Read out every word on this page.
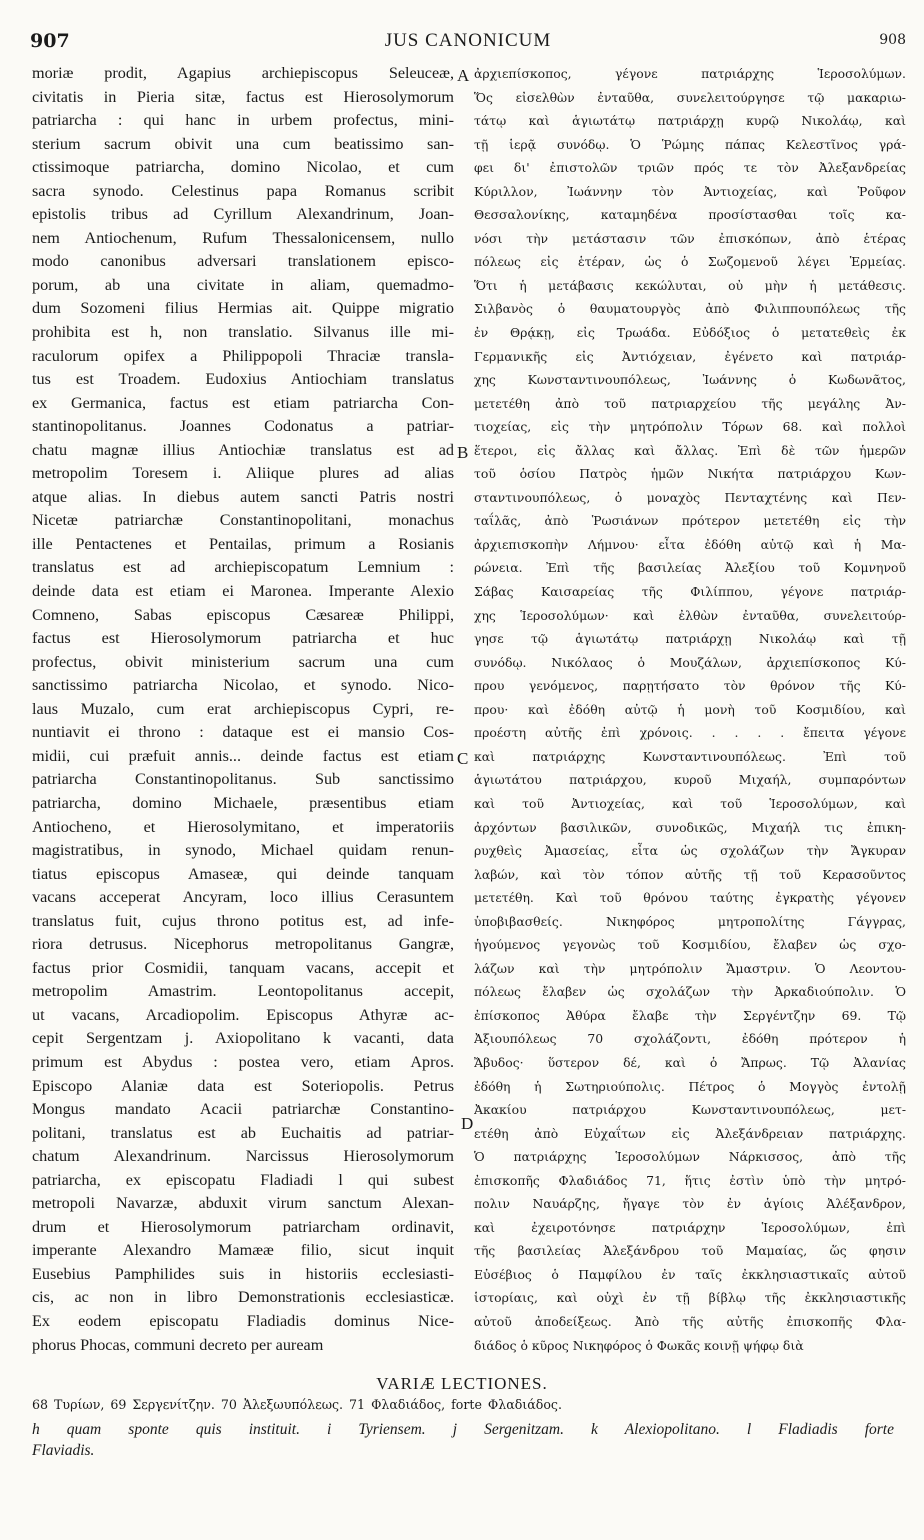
907	JUS CANONICUM	908
moriæ prodit, Agapius archiepiscopus Seleuceæ,
civitatis in Pieria sitæ, factus est Hierosolymorum
patriarcha : qui hanc in urbem profectus, mini-
sterium sacrum obivit una cum beatissimo san-
ctissimoque patriarcha, domino Nicolao, et cum
sacra synodo. Celestinus papa Romanus scribit
epistolis tribus ad Cyrillum Alexandrinum, Joan-
nem Antiochenum, Rufum Thessalonicensem, nullo
modo canonibus adversari translationem episco-
porum, ab una civitate in aliam, quemadmo-
dum Sozomeni filius Hermias ait. Quippe migratio
prohibita est h, non translatio. Silvanus ille mi-
raculorum opifex a Philippopoli Thraciæ transla-
tus est Troadem. Eudoxius Antiochiam translatus
ex Germanica, factus est etiam patriarcha Con-
stantinopolitanus. Joannes Codonatus a patriar-
chatu magnæ illius Antiochiæ translatus est ad
metropolim Toresem i. Aliique plures ad alias
atque alias. In diebus autem sancti Patris nostri
Nicetæ patriarchæ Constantinopolitani, monachus
ille Pentactenes et Pentailas, primum a Rosianis
translatus est ad archiepiscopatum Lemnium :
deinde data est etiam ei Maronea. Imperante Alexio
Comneno, Sabas episcopus Cæsareæ Philippi,
factus est Hierosolymorum patriarcha et huc
profectus, obivit ministerium sacrum una cum
sanctissimo patriarcha Nicolao, et synodo. Nico-
laus Muzalo, cum erat archiepiscopus Cypri, re-
nuntiavit ei throno : dataque est ei mansio Cos-
midii, cui præfuit annis... deinde factus est etiam
patriarcha Constantinopolitanus. Sub sanctissimo
patriarcha, domino Michaele, præsentibus etiam
Antiocheno, et Hierosolymitano, et imperatoriis
magistratibus, in synodo, Michael quidam renun-
tiatus episcopus Amaseæ, qui deinde tanquam
vacans acceperat Ancyram, loco illius Cerasuntem
translatus fuit, cujus throno potitus est, ad infe-
riora detrusus. Nicephorus metropolitanus Gangræ,
factus prior Cosmidii, tanquam vacans, accepit et
metropolim Amastrim. Leontopolitanus accepit,
ut vacans, Arcadiopolim. Episcopus Athyræ ac-
cepit Sergentzam j. Axiopolitano k vacanti, data
primum est Abydus : postea vero, etiam Apros.
Episcopo Alaniæ data est Soteriopolis. Petrus
Mongus mandato Acacii patriarchæ Constantino-
politani, translatus est ab Euchaitis ad patriar-
chatum Alexandrinum. Narcissus Hierosolymorum
patriarcha, ex episcopatu Fladiadi l qui subest
metropoli Navarzæ, abduxit virum sanctum Alexan-
drum et Hierosolymorum patriarcham ordinavit,
imperante Alexandro Mamææ filio, sicut inquit
Eusebius Pamphilides suis in historiis ecclesiasti-
cis, ac non in libro Demonstrationis ecclesiasticæ.
Ex eodem episcopatu Fladiadis dominus Nice-
phorus Phocas, communi decreto per auream
ἀρχιεπίσκοπος, γέγονε πατριάρχης Ἱεροσολύμων.
Ὅς εἰσελθὼν ἐνταῦθα, συνελειτούργησε τῷ μακαριω-
τάτῳ καὶ ἁγιωτάτῳ πατριάρχῃ κυρῷ Νικολάῳ, καὶ
τῇ ἱερᾷ συνόδῳ. Ὁ Ῥώμης πάπας Κελεστῖνος γρά-
φει δι' ἐπιστολῶν τριῶν πρός τε τὸν Ἀλεξανδρείας
Κύριλλον, Ἰωάννην τὸν Ἀντιοχείας, καὶ Ῥοῦφον
Θεσσαλονίκης, καταμηδένα προσίστασθαι τοῖς κα-
νόσι τὴν μετάστασιν τῶν ἐπισκόπων, ἀπὸ ἑτέρας
πόλεως εἰς ἑτέραν, ὡς ὁ Σωζομενοῦ λέγει Ἑρμείας.
Ὅτι ἡ μετάβασις κεκώλυται, οὐ μὴν ἡ μετάθεσις.
Σιλβανὸς ὁ θαυματουργὸς ἀπὸ Φιλιππουπόλεως τῆς
ἐν Θρᾴκῃ, εἰς Τρωάδα. Εὐδόξιος ὁ μετατεθεὶς ἐκ
Γερμανικῆς εἰς Ἀντιόχειαν, ἐγένετο καὶ πατριάρ-
χης Κωνσταντινουπόλεως, Ἰωάννης ὁ Κωδωνᾶτος,
μετετέθη ἀπὸ τοῦ πατριαρχείου τῆς μεγάλης Ἀν-
τιοχείας, εἰς τὴν μητρόπολιν Τόρων 68. καὶ πολλοὶ
ἕτεροι, εἰς ἄλλας καὶ ἄλλας. Ἐπὶ δὲ τῶν ἡμερῶν
τοῦ ὁσίου Πατρὸς ἡμῶν Νικήτα πατριάρχου Κων-
σταντινουπόλεως, ὁ μοναχὸς Πενταχτένης καὶ Πεν-
ταΐλᾶς, ἀπὸ Ῥωσιάνων πρότερον μετετέθη εἰς τὴν
ἀρχιεπισκοπὴν Λήμνου· εἶτα ἐδόθη αὐτῷ καὶ ἡ Μα-
ρώνεια. Ἐπὶ τῆς βασιλείας Ἀλεξίου τοῦ Κομνηνοῦ
Σάβας Καισαρείας τῆς Φιλίππου, γέγονε πατριάρ-
χης Ἱεροσολύμων· καὶ ἐλθὼν ἐνταῦθα, συνελειτούρ-
γησε τῷ ἁγιωτάτῳ πατριάρχῃ Νικολάῳ καὶ τῇ
συνόδῳ. Νικόλαος ὁ Μουζάλων, ἀρχιεπίσκοπος Κύ-
πρου γενόμενος, παρῃτήσατο τὸν θρόνον τῆς Κύ-
πρου· καὶ ἐδόθη αὐτῷ ἡ μονὴ τοῦ Κοσμιδίου, καὶ
προέστη αὐτῆς ἐπὶ χρόνοις. . . . . ἔπειτα γέγονε
καὶ πατριάρχης Κωνσταντινουπόλεως. Ἐπὶ τοῦ
ἁγιωτάτου πατριάρχου, κυροῦ Μιχαήλ, συμπαρόντων
καὶ τοῦ Ἀντιοχείας, καὶ τοῦ Ἱεροσολύμων, καὶ
ἀρχόντων βασιλικῶν, συνοδικῶς, Μιχαήλ τις ἐπικη-
ρυχθεὶς Ἀμασείας, εἶτα ὡς σχολάζων τὴν Ἄγκυραν
λαβών, καὶ τὸν τόπον αὐτῆς τῇ τοῦ Κερασοῦντος
μετετέθη. Καὶ τοῦ θρόνου ταύτης ἐγκρατὴς γέγονεν
ὑποβιβασθείς. Νικηφόρος μητροπολίτης Γάγγρας,
ἡγούμενος γεγονὼς τοῦ Κοσμιδίου, ἔλαβεν ὡς σχο-
λάζων καὶ τὴν μητρόπολιν Ἄμαστριν. Ὁ Λεοντου-
πόλεως ἔλαβεν ὡς σχολάζων τὴν Ἀρκαδιούπολιν. Ὁ
ἐπίσκοπος Ἀθύρα ἔλαβε τὴν Σεργέντζην 69. Τῷ
Ἀξιουπόλεως 70 σχολάζοντι, ἐδόθη πρότερον ἡ
Ἄβυδος· ὕστερον δέ, καὶ ὁ Ἄπρως. Τῷ Ἀλανίας
ἐδόθη ἡ Σωτηριούπολις. Πέτρος ὁ Μογγὸς ἐντολῇ
Ἀκακίου πατριάρχου Κωνσταντινουπόλεως, μετ-
ετέθη ἀπὸ Εὐχαΐτων εἰς Ἀλεξάνδρειαν πατριάρχης.
Ὁ πατριάρχης Ἱεροσολύμων Νάρκισσος, ἀπὸ τῆς
ἐπισκοπῆς Φλαδιάδος 71, ἥτις ἐστὶν ὑπὸ τὴν μητρό-
πολιν Ναυάρζης, ἤγαγε τὸν ἐν ἁγίοις Ἀλέξανδρον,
καὶ ἐχειροτόνησε πατριάρχην Ἱεροσολύμων, ἐπὶ
τῆς βασιλείας Ἀλεξάνδρου τοῦ Μαμαίας, ὥς φησιν
Εὐσέβιος ὁ Παμφίλου ἐν ταῖς ἐκκλησιαστικαῖς αὐτοῦ
ἱστορίαις, καὶ οὐχὶ ἐν τῇ βίβλῳ τῆς ἐκκλησιαστικῆς
αὐτοῦ ἀποδείξεως. Ἀπὸ τῆς αὐτῆς ἐπισκοπῆς Φλα-
διάδος ὁ κῦρος Νικηφόρος ὁ Φωκᾶς κοινῇ ψήφῳ διὰ
A
B
C
D
VARIÆ LECTIONES.
68 Τυρίων, 69 Σεργενίτζην. 70 Ἀλεξωυπόλεως. 71 Φλαδιάδος, forte Φλαδιάδος.
h quam sponte quis instituit. i Tyriensem. j Sergenitzam. k Alexiopolitano. l Fladiadis forte
Flaviadis.
